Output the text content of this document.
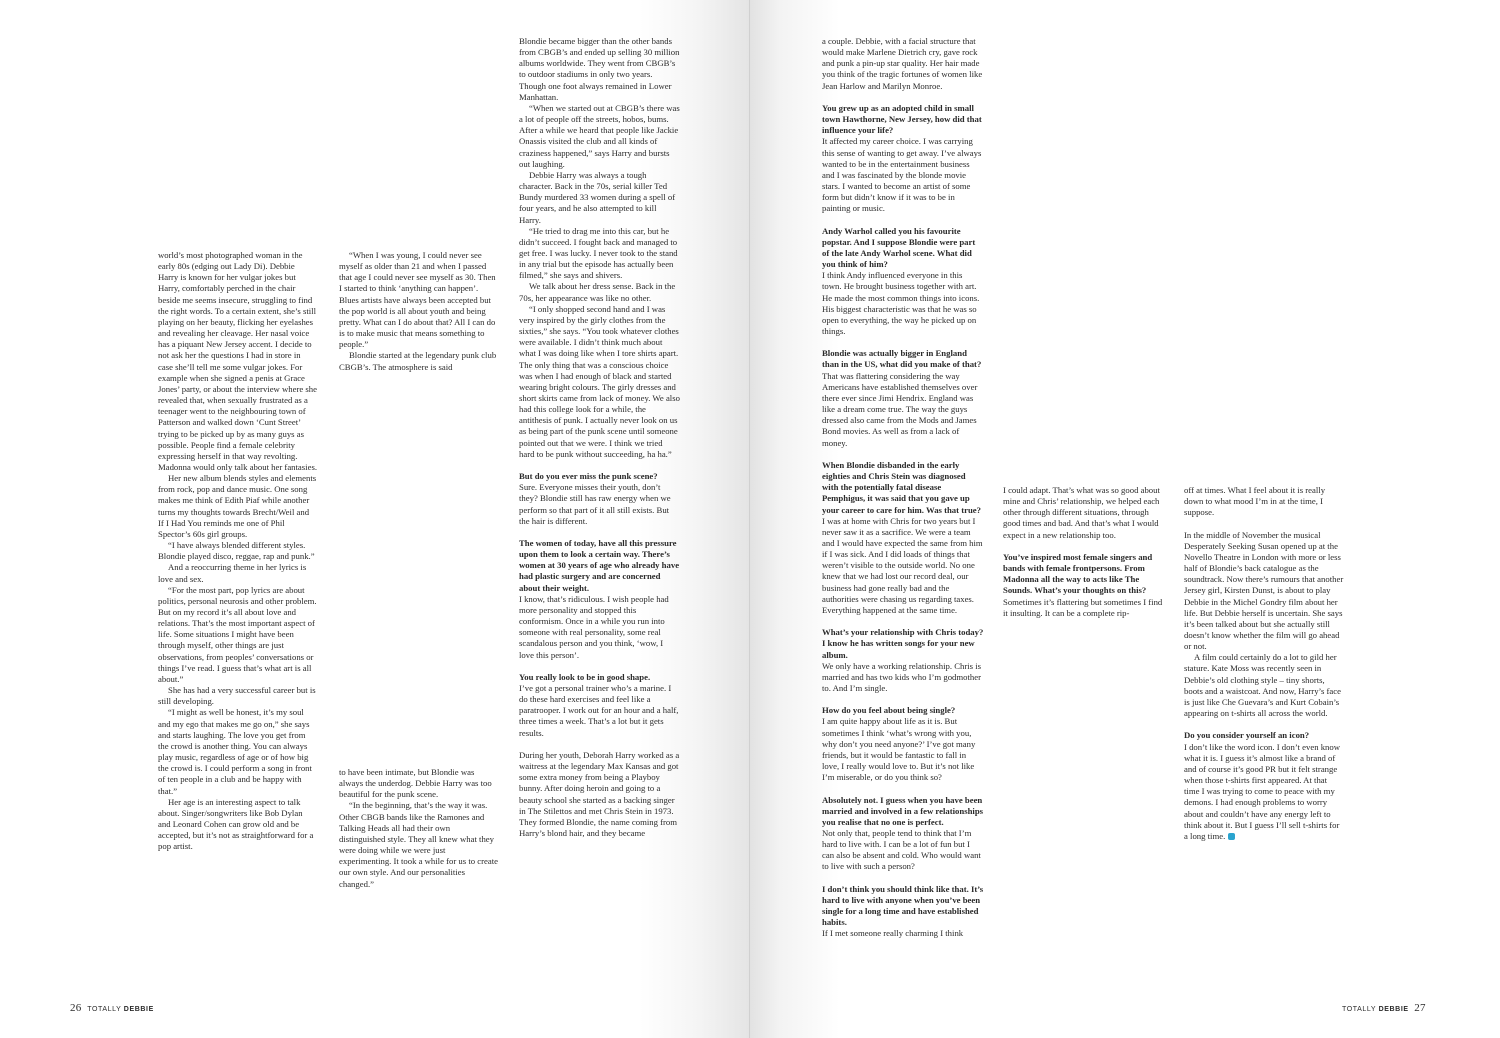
world’s most photographed woman in the early 80s (edging out Lady Di). Debbie Harry is known for her vulgar jokes but Harry, comfortably perched in the chair beside me seems insecure, struggling to find the right words. To a certain extent, she’s still playing on her beauty, flicking her eyelashes and revealing her cleavage. Her nasal voice has a piquant New Jersey accent. I decide to not ask her the questions I had in store in case she’ll tell me some vulgar jokes. For example when she signed a penis at Grace Jones’ party, or about the interview where she revealed that, when sexually frustrated as a teenager went to the neighbouring town of Patterson and walked down ‘Cunt Street’ trying to be picked up by as many guys as possible. People find a female celebrity expressing herself in that way revolting. Madonna would only talk about her fantasies.

Her new album blends styles and elements from rock, pop and dance music. One song makes me think of Edith Piaf while another turns my thoughts towards Brecht/Weil and If I Had You reminds me one of Phil Spector’s 60s girl groups.

“I have always blended different styles. Blondie played disco, reggae, rap and punk.”

And a reoccurring theme in her lyrics is love and sex.

“For the most part, pop lyrics are about politics, personal neurosis and other problem. But on my record it’s all about love and relations. That’s the most important aspect of life. Some situations I might have been through myself, other things are just observations, from peoples’ conversations or things I’ve read. I guess that’s what art is all about.”

She has had a very successful career but is still developing.

“I might as well be honest, it’s my soul and my ego that makes me go on,” she says and starts laughing. The love you get from the crowd is another thing. You can always play music, regardless of age or of how big the crowd is. I could perform a song in front of ten people in a club and be happy with that.”

Her age is an interesting aspect to talk about. Singer/songwriters like Bob Dylan and Leonard Cohen can grow old and be accepted, but it’s not as straightforward for a pop artist.

“When I was young, I could never see myself as older than 21 and when I passed that age I could never see myself as 30. Then I started to think ‘anything can happen’. Blues artists have always been accepted but the pop world is all about youth and being pretty. What can I do about that? All I can do is to make music that means something to people.”

Blondie started at the legendary punk club CBGB’s. The atmosphere is said

to have been intimate, but Blondie was always the underdog. Debbie Harry was too beautiful for the punk scene.

“In the beginning, that’s the way it was. Other CBGB bands like the Ramones and Talking Heads all had their own distinguished style. They all knew what they were doing while we were just experimenting. It took a while for us to create our own style. And our personalities changed.”

Blondie became bigger than the other bands from CBGB’s and ended up selling 30 million albums worldwide. They went from CBGB’s to outdoor stadiums in only two years. Though one foot always remained in Lower Manhattan.

“When we started out at CBGB’s there was a lot of people off the streets, hobos, bums. After a while we heard that people like Jackie Onassis visited the club and all kinds of craziness happened,” says Harry and bursts out laughing.

Debbie Harry was always a tough character. Back in the 70s, serial killer Ted Bundy murdered 33 women during a spell of four years, and he also attempted to kill Harry.

“He tried to drag me into this car, but he didn’t succeed. I fought back and managed to get free. I was lucky. I never took to the stand in any trial but the episode has actually been filmed,” she says and shivers.

We talk about her dress sense. Back in the 70s, her appearance was like no other.

“I only shopped second hand and I was very inspired by the girly clothes from the sixties,” she says. “You took whatever clothes were available. I didn’t think much about what I was doing like when I tore shirts apart. The only thing that was a conscious choice was when I had enough of black and started wearing bright colours. The girly dresses and short skirts came from lack of money. We also had this college look for a while, the antithesis of punk. I actually never look on us as being part of the punk scene until someone pointed out that we were. I think we tried hard to be punk without succeeding, ha ha.”

But do you ever miss the punk scene?

Sure. Everyone misses their youth, don’t they? Blondie still has raw energy when we perform so that part of it all still exists. But the hair is different.

The women of today, have all this pressure upon them to look a certain way. There’s women at 30 years of age who already have had plastic surgery and are concerned about their weight.

I know, that’s ridiculous. I wish people had more personality and stopped this conformism. Once in a while you run into someone with real personality, some real scandalous person and you think, ‘wow, I love this person’.

You really look to be in good shape.

I’ve got a personal trainer who’s a marine. I do these hard exercises and feel like a paratrooper. I work out for an hour and a half, three times a week. That’s a lot but it gets results.

During her youth, Deborah Harry worked as a waitress at the legendary Max Kansas and got some extra money from being a Playboy bunny. After doing heroin and going to a beauty school she started as a backing singer in The Stilettos and met Chris Stein in 1973. They formed Blondie, the name coming from Harry’s blond hair, and they became

26 TOTALLY DEBBIE

a couple. Debbie, with a facial structure that would make Marlene Dietrich cry, gave rock and punk a pin-up star quality. Her hair made you think of the tragic fortunes of women like Jean Harlow and Marilyn Monroe.

You grew up as an adopted child in small town Hawthorne, New Jersey, how did that influence your life?

It affected my career choice. I was carrying this sense of wanting to get away. I’ve always wanted to be in the entertainment business and I was fascinated by the blonde movie stars. I wanted to become an artist of some form but didn’t know if it was to be in painting or music.

Andy Warhol called you his favourite popstar. And I suppose Blondie were part of the late Andy Warhol scene. What did you think of him?

I think Andy influenced everyone in this town. He brought business together with art. He made the most common things into icons. His biggest characteristic was that he was so open to everything, the way he picked up on things.

Blondie was actually bigger in England than in the US, what did you make of that?

That was flattering considering the way Americans have established themselves over there ever since Jimi Hendrix. England was like a dream come true. The way the guys dressed also came from the Mods and James Bond movies. As well as from a lack of money.

When Blondie disbanded in the early eighties and Chris Stein was diagnosed with the potentially fatal disease Pemphigus, it was said that you gave up your career to care for him. Was that true?

I was at home with Chris for two years but I never saw it as a sacrifice. We were a team and I would have expected the same from him if I was sick. And I did loads of things that weren’t visible to the outside world. No one knew that we had lost our record deal, our business had gone really bad and the authorities were chasing us regarding taxes. Everything happened at the same time.

What’s your relationship with Chris today? I know he has written songs for your new album.

We only have a working relationship. Chris is married and has two kids who I’m godmother to. And I’m single.

How do you feel about being single?

I am quite happy about life as it is. But sometimes I think ‘what’s wrong with you, why don’t you need anyone?’ I’ve got many friends, but it would be fantastic to fall in love, I really would love to. But it’s not like I’m miserable, or do you think so?

Absolutely not. I guess when you have been married and involved in a few relationships you realise that no one is perfect.

Not only that, people tend to think that I’m hard to live with. I can be a lot of fun but I can also be absent and cold. Who would want to live with such a person?

I don’t think you should think like that. It’s hard to live with anyone when you’ve been single for a long time and have established habits.

If I met someone really charming I think

I could adapt. That’s what was so good about mine and Chris’ relationship, we helped each other through different situations, through good times and bad. And that’s what I would expect in a new relationship too.

You’ve inspired most female singers and bands with female frontpersons. From Madonna all the way to acts like The Sounds. What’s your thoughts on this?

Sometimes it’s flattering but sometimes I find it insulting. It can be a complete rip-

off at times. What I feel about it is really down to what mood I’m in at the time, I suppose.

In the middle of November the musical Desperately Seeking Susan opened up at the Novello Theatre in London with more or less half of Blondie’s back catalogue as the soundtrack. Now there’s rumours that another Jersey girl, Kirsten Dunst, is about to play Debbie in the Michel Gondry film about her life. But Debbie herself is uncertain. She says it’s been talked about but she actually still doesn’t know whether the film will go ahead or not.

A film could certainly do a lot to gild her stature. Kate Moss was recently seen in Debbie’s old clothing style – tiny shorts, boots and a waistcoat. And now, Harry’s face is just like Che Guevara’s and Kurt Cobain’s appearing on t-shirts all across the world.

Do you consider yourself an icon?

I don’t like the word icon. I don’t even know what it is. I guess it’s almost like a brand of and of course it’s good PR but it felt strange when those t-shirts first appeared. At that time I was trying to come to peace with my demons. I had enough problems to worry about and couldn’t have any energy left to think about it. But I guess I’ll sell t-shirts for a long time.

TOTALLY DEBBIE 27
